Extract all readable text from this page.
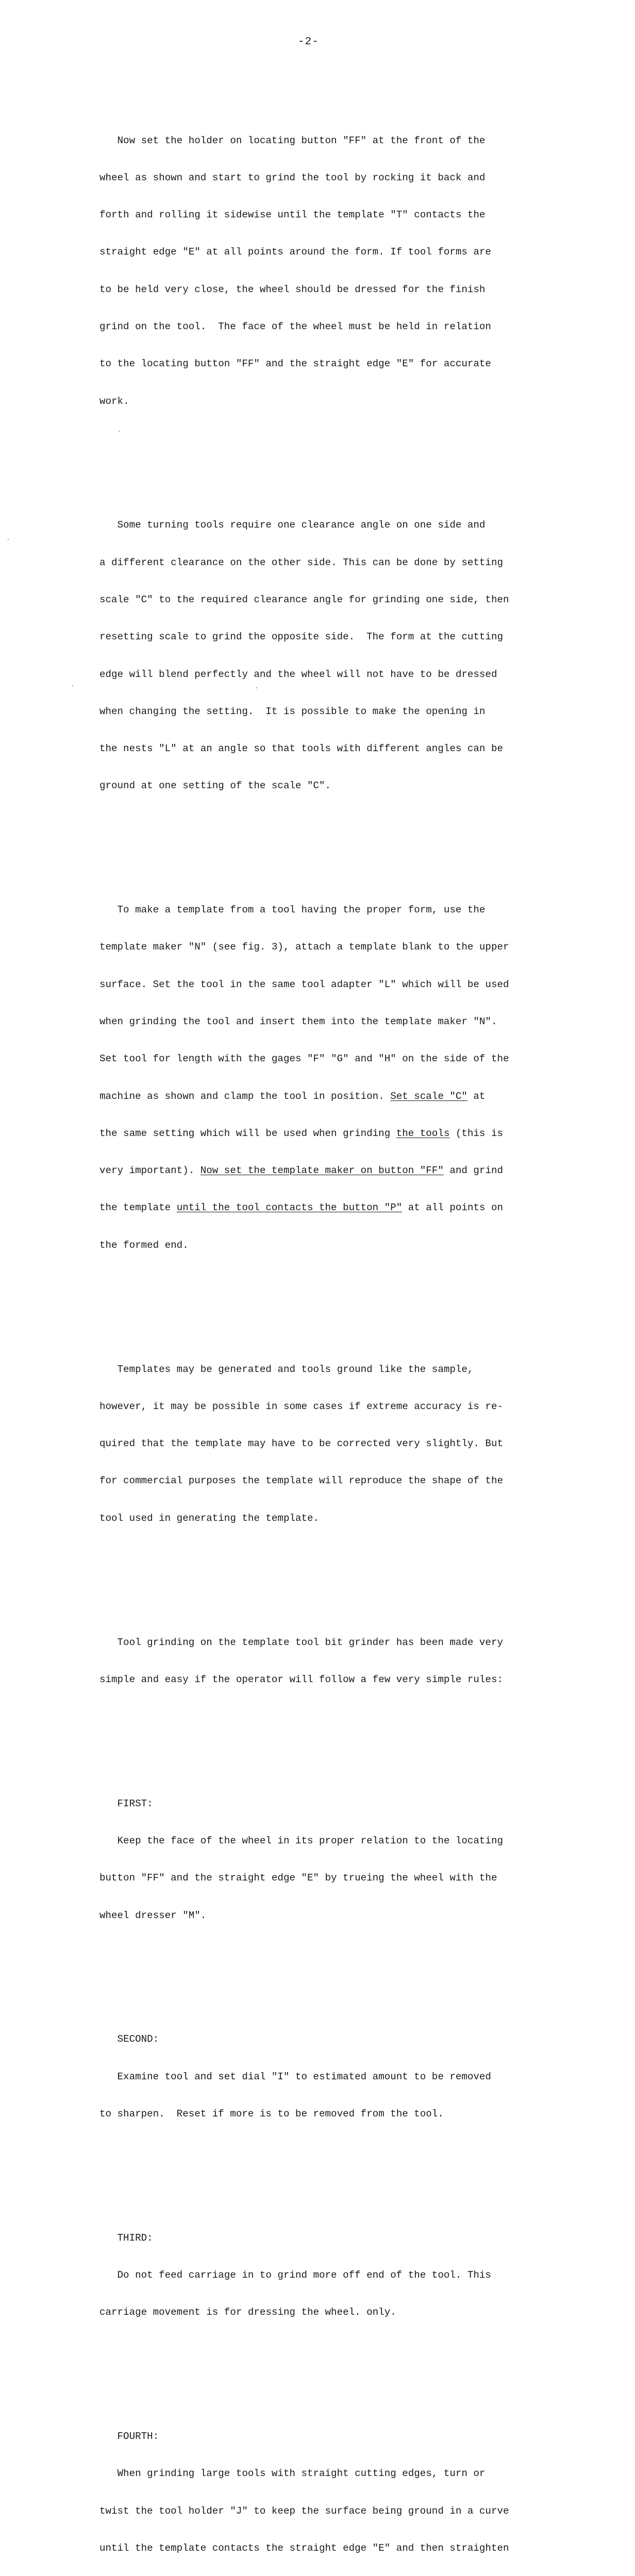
-2-

Now set the holder on locating button "FF" at the front of the

wheel as shown and start to grind the tool by rocking it back and

forth and rolling it sidewise until the template "T" contacts the

straight edge "E" at all points around the form. If tool forms are

to be held very close, the wheel should be dressed for the finish

grind on the tool.  The face of the wheel must be held in relation

to the locating button "FF" and the straight edge "E" for accurate

work.

Some turning tools require one clearance angle on one side and

a different clearance on the other side. This can be done by setting

scale "C" to the required clearance angle for grinding one side, then

resetting scale to grind the opposite side.  The form at the cutting

edge will blend perfectly and the wheel will not have to be dressed

when changing the setting.  It is possible to make the opening in

the nests "L" at an angle so that tools with different angles can be

ground at one setting of the scale "C".

To make a template from a tool having the proper form, use the

template maker "N" (see fig. 3), attach a template blank to the upper

surface. Set the tool in the same tool adapter "L" which will be used

when grinding the tool and insert them into the template maker "N".

Set tool for length with the gages "F" "G" and "H" on the side of the

machine as shown and clamp the tool in position. Set scale "C" at

the same setting which will be used when grinding the tools (this is

very important). Now set the template maker on button "FF" and grind

the template until the tool contacts the button "P" at all points on

the formed end.

Templates may be generated and tools ground like the sample,

however, it may be possible in some cases if extreme accuracy is re-

quired that the template may have to be corrected very slightly. But

for commercial purposes the template will reproduce the shape of the

tool used in generating the template.

Tool grinding on the template tool bit grinder has been made very

simple and easy if the operator will follow a few very simple rules:

FIRST:

Keep the face of the wheel in its proper relation to the locating

button "FF" and the straight edge "E" by trueing the wheel with the

wheel dresser "M".

SECOND:

Examine tool and set dial "I" to estimated amount to be removed

to sharpen.  Reset if more is to be removed from the tool.

THIRD:

Do not feed carriage in to grind more off end of the tool. This

carriage movement is for dressing the wheel. only.

FOURTH:

When grinding large tools with straight cutting edges, turn or

twist the tool holder "J" to keep the surface being ground in a curve

until the template contacts the straight edge "E" and then straighten
